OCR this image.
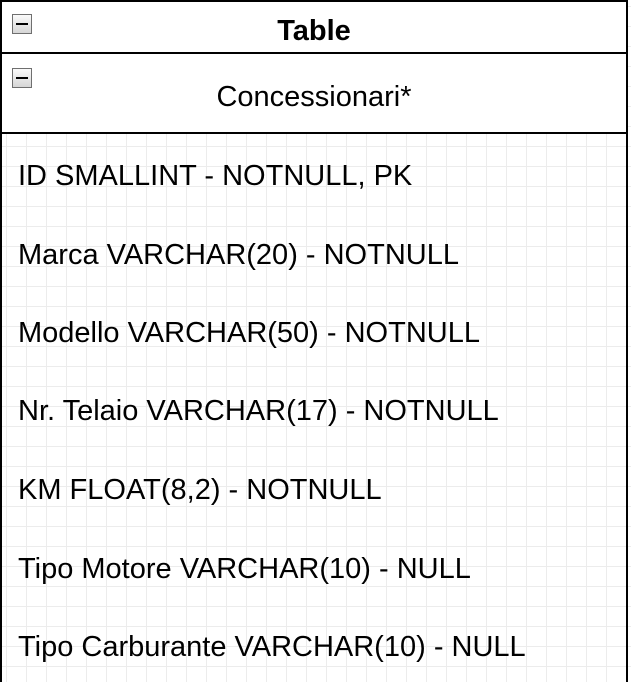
Table
Concessionari*
ID SMALLINT - NOTNULL, PK
Marca VARCHAR(20) - NOTNULL
Modello VARCHAR(50) - NOTNULL
Nr. Telaio VARCHAR(17) - NOTNULL
KM FLOAT(8,2) - NOTNULL
Tipo Motore VARCHAR(10) - NULL
Tipo Carburante VARCHAR(10) - NULL
